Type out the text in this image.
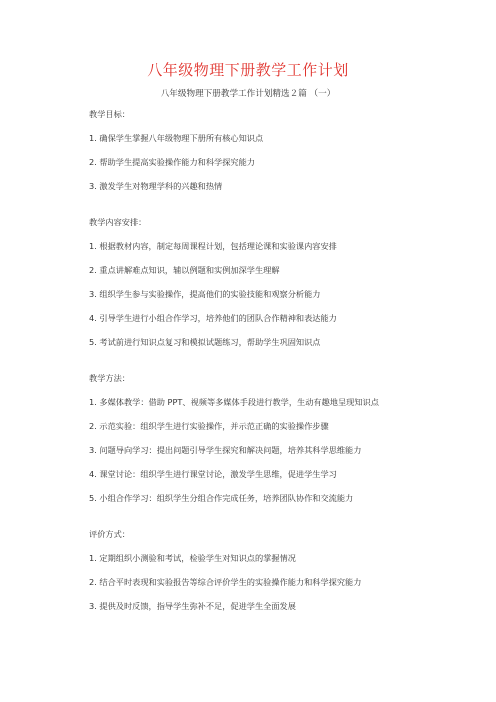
八年级物理下册教学工作计划
八年级物理下册教学工作计划精选２篇 （一）
教学目标：
1. 确保学生掌握八年级物理下册所有核心知识点
2. 帮助学生提高实验操作能力和科学探究能力
3. 激发学生对物理学科的兴趣和热情
教学内容安排：
1. 根据教材内容，制定每周课程计划，包括理论课和实验课内容安排
2. 重点讲解难点知识，辅以例题和实例加深学生理解
3. 组织学生参与实验操作，提高他们的实验技能和观察分析能力
4. 引导学生进行小组合作学习，培养他们的团队合作精神和表达能力
5. 考试前进行知识点复习和模拟试题练习，帮助学生巩固知识点
教学方法：
1. 多媒体教学：借助 PPT、视频等多媒体手段进行教学，生动有趣地呈现知识点
2. 示范实验：组织学生进行实验操作，并示范正确的实验操作步骤
3. 问题导向学习：提出问题引导学生探究和解决问题，培养其科学思维能力
4. 课堂讨论：组织学生进行课堂讨论，激发学生思维，促进学生学习
5. 小组合作学习：组织学生分组合作完成任务，培养团队协作和交流能力
评价方式：
1. 定期组织小测验和考试，检验学生对知识点的掌握情况
2. 结合平时表现和实验报告等综合评价学生的实验操作能力和科学探究能力
3. 提供及时反馈，指导学生弥补不足，促进学生全面发展
